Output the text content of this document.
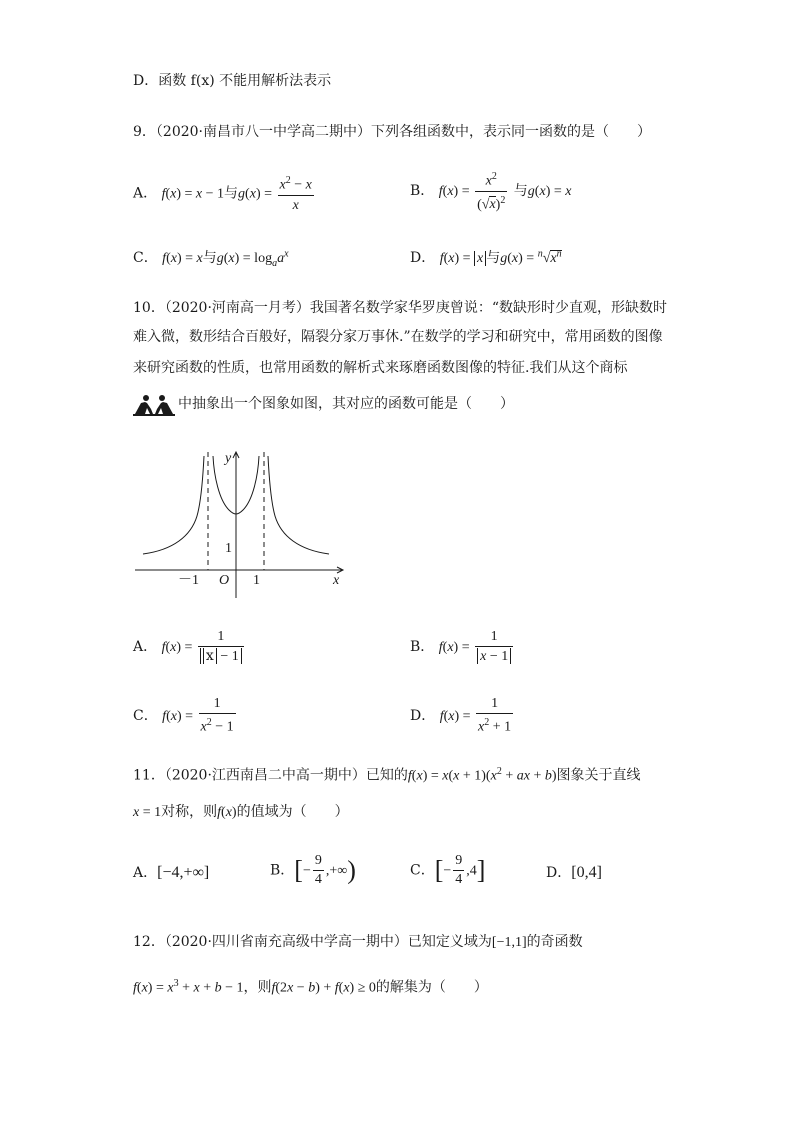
D．函数 f(x) 不能用解析法表示
9．（2020·南昌市八一中学高二期中）下列各组函数中，表示同一函数的是（　　）
A． f(x) = x − 1与$g(x) = \frac{x^2 - x}{x}$	B． $f(x) = \frac{x^2}{(√x)^2}$ 与g(x) = x
C． f(x) = x与$g(x) = \log_aa^x$	D． f(x) = x 与$g(x) = ^n√x^n$
10．（2020·河南高一月考）我国著名数学家华罗庚曾说：“数缺形时少直观，形缺数时
难入微，数形结合百般好，隔裂分家万事休.”在数学的学习和研究中，常用函数的图像
来研究函数的性质，也常用函数的解析式来琢磨函数图像的特征.我们从这个商标
中抽象出一个图象如图，其对应的函数可能是（　　）
y
x
O
－1	1
1
A． $f(x) = \frac{1}{x - 1}$	B． $f(x) = \frac{1}{x - 1}$
C． $f(x) = \frac{1}{x^2 - 1}$	D． $f(x) = \frac{1}{x^2 + 1}$
11．（2020·江西南昌二中高一期中）已知的$f(x) = x(x + 1)(x^2$ + ax + b)图象关于直线
x = 1对称，则f(x)的值域为（　　）
A．[−4,+∞]	B．[− $\frac{9}{4}$ ,+∞)	C．[− $\frac{9}{4} ,4$]	D．[0,4]
12．（2020·四川省南充高级中学高一期中）已知定义域为[−1,1]的奇函数
$f(x) = x^3 + x + b - 1$，则f(2x − b) + f(x) ≥ 0的解集为（　　）
